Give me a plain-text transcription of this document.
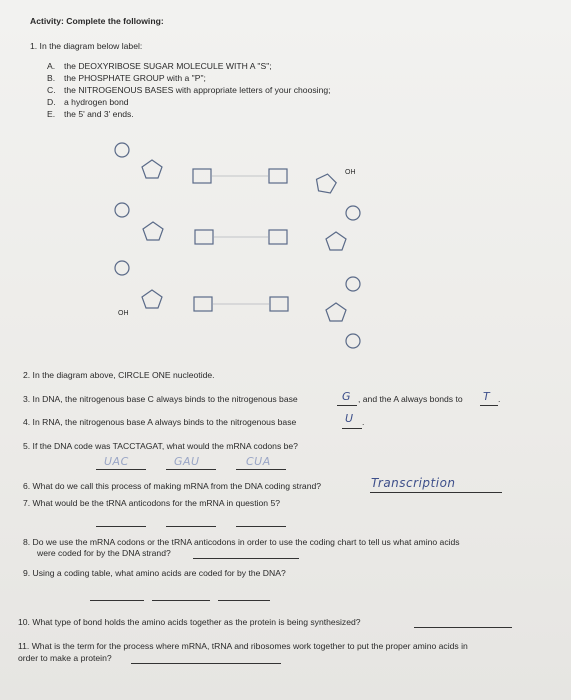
Activity: Complete the following:
1. In the diagram below label:
A. the DEOXYRIBOSE SUGAR MOLECULE WITH A "S";
B. the PHOSPHATE GROUP with a "P";
C. the NITROGENOUS BASES with appropriate letters of your choosing;
D. a hydrogen bond
E. the 5' and 3' ends.
OH
OH
2. In the diagram above, CIRCLE ONE nucleotide.
3. In DNA, the nitrogenous base C always binds to the nitrogenous base	G , and the A always bonds to T .
4. In RNA, the nitrogenous base A always binds to the nitrogenous base	U .
5. If the DNA code was TACCTAGAT, what would the mRNA codons be?
UAC	GAU	CUA
6. What do we call this process of making mRNA from the DNA coding strand?	Transcription
7. What would be the tRNA anticodons for the mRNA in question 5?
8. Do we use the mRNA codons or the tRNA anticodons in order to use the coding chart to tell us what amino acids
were coded for by the DNA strand?
9. Using a coding table, what amino acids are coded for by the DNA?
10. What type of bond holds the amino acids together as the protein is being synthesized?
11. What is the term for the process where mRNA, tRNA and ribosomes work together to put the proper amino acids in
order to make a protein?
